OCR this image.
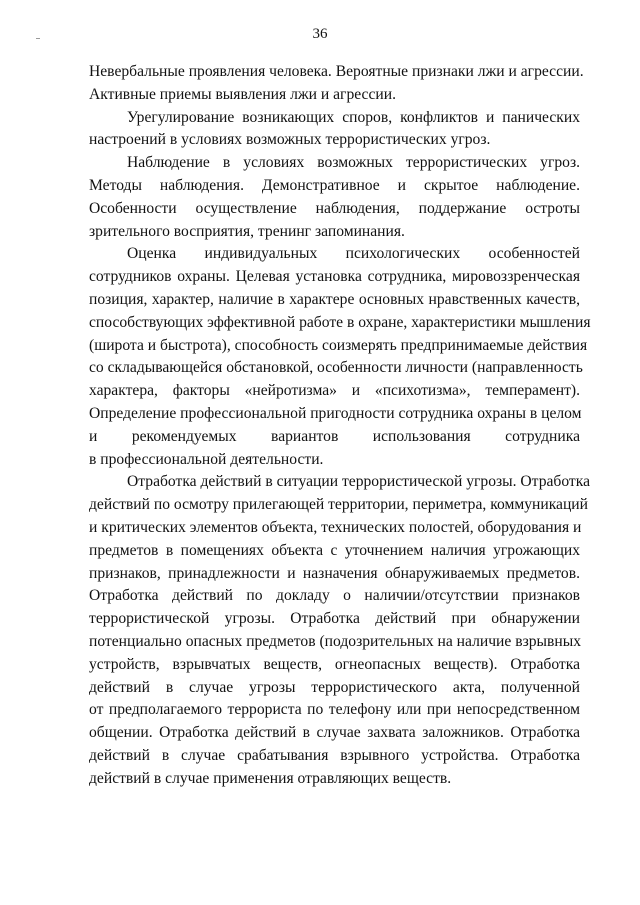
36
Невербальные проявления человека. Вероятные признаки лжи и агрессии.
Активные приемы выявления лжи и агрессии.
Урегулирование возникающих споров, конфликтов и панических
настроений в условиях возможных террористических угроз.
Наблюдение в условиях возможных террористических угроз.
Методы наблюдения. Демонстративное и скрытое наблюдение.
Особенности осуществление наблюдения, поддержание остроты
зрительного восприятия, тренинг запоминания.
Оценка индивидуальных психологических особенностей
сотрудников охраны. Целевая установка сотрудника, мировоззренческая
позиция, характер, наличие в характере основных нравственных качеств,
способствующих эффективной работе в охране, характеристики мышления
(широта и быстрота), способность соизмерять предпринимаемые действия
со складывающейся обстановкой, особенности личности (направленность
характера, факторы «нейротизма» и «психотизма», темперамент).
Определение профессиональной пригодности сотрудника охраны в целом
и рекомендуемых вариантов использования сотрудника
в профессиональной деятельности.
Отработка действий в ситуации террористической угрозы. Отработка
действий по осмотру прилегающей территории, периметра, коммуникаций
и критических элементов объекта, технических полостей, оборудования и
предметов в помещениях объекта с уточнением наличия угрожающих
признаков, принадлежности и назначения обнаруживаемых предметов.
Отработка действий по докладу о наличии/отсутствии признаков
террористической угрозы. Отработка действий при обнаружении
потенциально опасных предметов (подозрительных на наличие взрывных
устройств, взрывчатых веществ, огнеопасных веществ). Отработка
действий в случае угрозы террористического акта, полученной
от предполагаемого террориста по телефону или при непосредственном
общении. Отработка действий в случае захвата заложников. Отработка
действий в случае срабатывания взрывного устройства. Отработка
действий в случае применения отравляющих веществ.
